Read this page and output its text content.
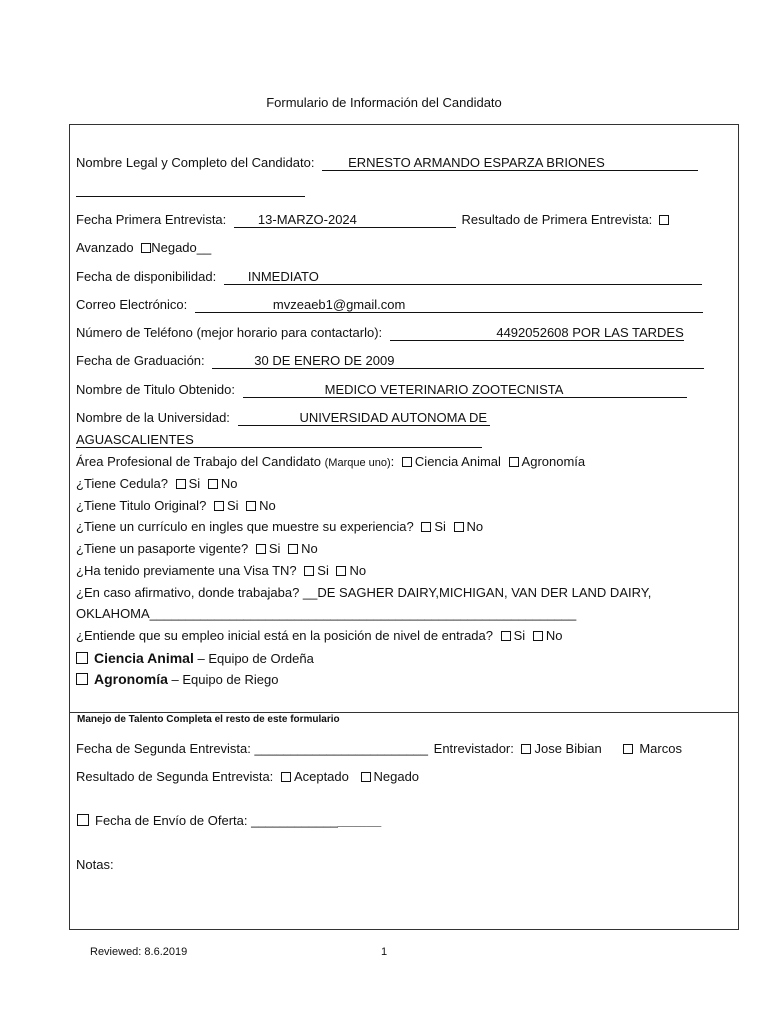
Formulario de Información del Candidato
Nombre Legal y Completo del Candidato:	ERNESTO ARMANDO ESPARZA BRIONES
Fecha Primera Entrevista: 13-MARZO-2024	Resultado de Primera Entrevista:
Avanzado Negado__
Fecha de disponibilidad: INMEDIATO
Correo Electrónico:	mvzeaeb1@gmail.com
Número de Teléfono (mejor horario para contactarlo):	4492052608 POR LAS TARDES
Fecha de Graduación:	30 DE ENERO DE 2009
Nombre de Titulo Obtenido:	MEDICO VETERINARIO ZOOTECNISTA
Nombre de la Universidad:	UNIVERSIDAD AUTONOMA DE
AGUASCALIENTES
Área Profesional de Trabajo del Candidato (Marque uno): Ciencia Animal Agronomía
¿Tiene Cedula? Si No
¿Tiene Titulo Original? Si No
¿Tiene un currículo en ingles que muestre su experiencia? Si No
¿Tiene un pasaporte vigente? Si No
¿Ha tenido previamente una Visa TN? Si No
¿En caso afirmativo, donde trabajaba? __DE SAGHER DAIRY,MICHIGAN, VAN DER LAND DAIRY,
OKLAHOMA___________________________________________________________
¿Entiende que su empleo inicial está en la posición de nivel de entrada? Si No
Ciencia Animal – Equipo de Ordeña
Agronomía – Equipo de Riego
Manejo de Talento Completa el resto de este formulario
Fecha de Segunda Entrevista: ________________________ Entrevistador: Jose Bibian	Marcos
Resultado de Segunda Entrevista: Aceptado Negado
Fecha de Envío de Oferta: __________________
Notas:
Reviewed: 8.6.2019	1
